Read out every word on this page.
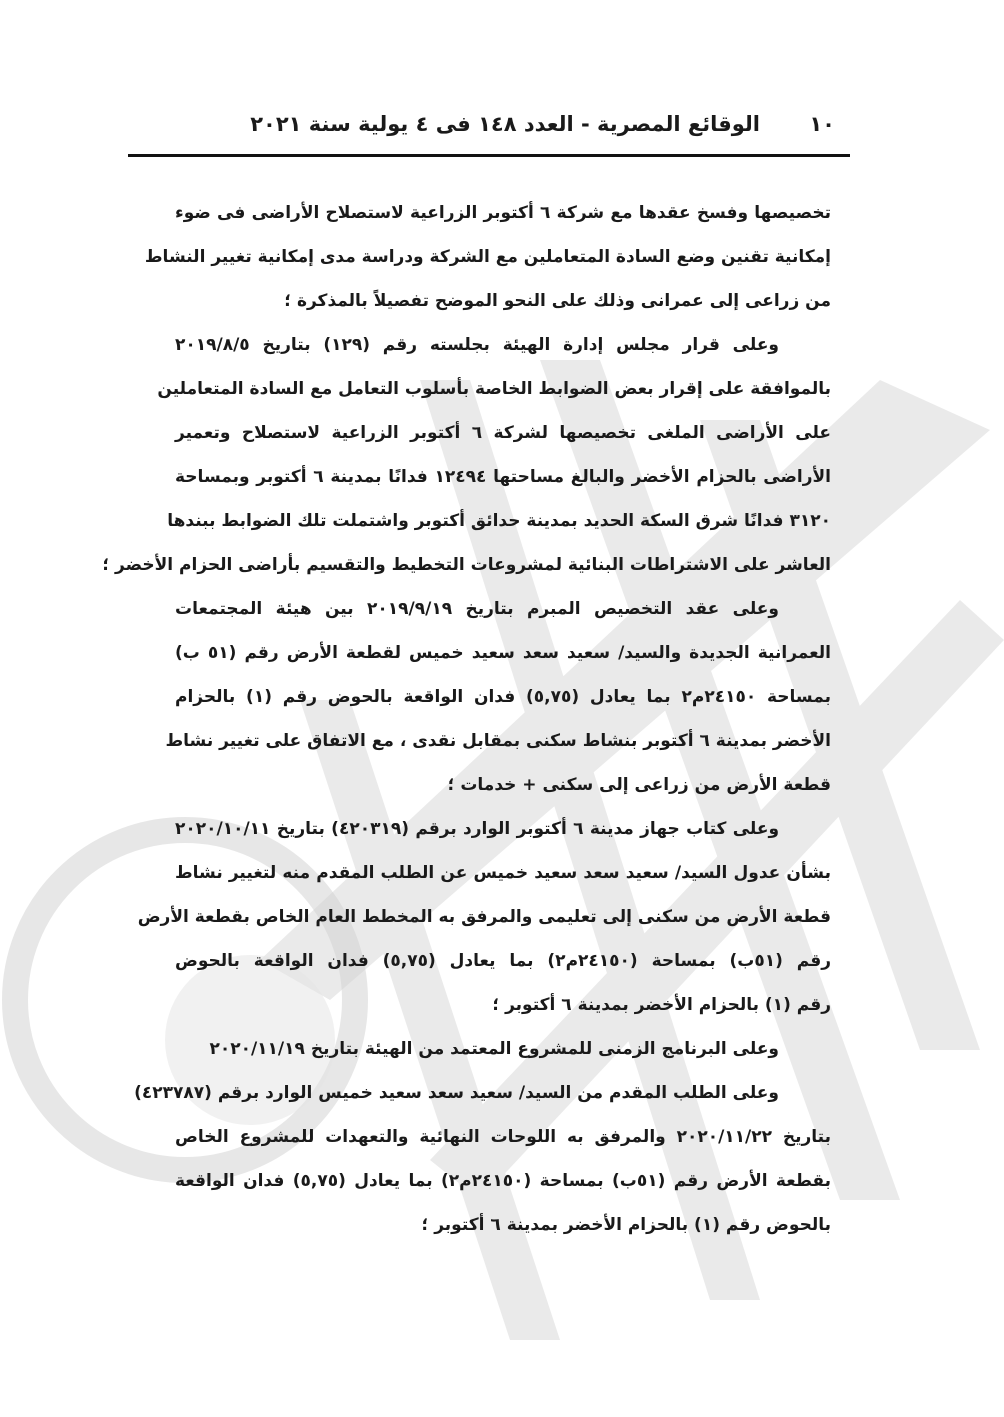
١٠
الوقائع المصرية - العدد ١٤٨ فى ٤ يولية سنة ٢٠٢١
تخصيصها وفسخ عقدها مع شركة ٦ أكتوبر الزراعية لاستصلاح الأراضى فى ضوء
إمكانية تقنين وضع السادة المتعاملين مع الشركة ودراسة مدى إمكانية تغيير النشاط
من زراعى إلى عمرانى وذلك على النحو الموضح تفصيلاً بالمذكرة ؛
وعلى قرار مجلس إدارة الهيئة بجلسته رقم (١٢٩) بتاريخ ٢٠١٩/٨/٥
بالموافقة على إقرار بعض الضوابط الخاصة بأسلوب التعامل مع السادة المتعاملين
على الأراضى الملغى تخصيصها لشركة ٦ أكتوبر الزراعية لاستصلاح وتعمير
الأراضى بالحزام الأخضر والبالغ مساحتها ١٢٤٩٤ فدانًا بمدينة ٦ أكتوبر وبمساحة
٣١٢٠ فدانًا شرق السكة الحديد بمدينة حدائق أكتوبر واشتملت تلك الضوابط ببندها
العاشر على الاشتراطات البنائية لمشروعات التخطيط والتقسيم بأراضى الحزام الأخضر ؛
وعلى عقد التخصيص المبرم بتاريخ ٢٠١٩/٩/١٩ بين هيئة المجتمعات
العمرانية الجديدة والسيد/ سعيد سعد سعيد خميس لقطعة الأرض رقم (٥١ ب)
بمساحة ٢٤١٥٠م٢ بما يعادل (٥,٧٥) فدان الواقعة بالحوض رقم (١) بالحزام
الأخضر بمدينة ٦ أكتوبر بنشاط سكنى بمقابل نقدى ، مع الاتفاق على تغيير نشاط
قطعة الأرض من زراعى إلى سكنى + خدمات ؛
وعلى كتاب جهاز مدينة ٦ أكتوبر الوارد برقم (٤٢٠٣١٩) بتاريخ ٢٠٢٠/١٠/١١
بشأن عدول السيد/ سعيد سعد سعيد خميس عن الطلب المقدم منه لتغيير نشاط
قطعة الأرض من سكنى إلى تعليمى والمرفق به المخطط العام الخاص بقطعة الأرض
رقم (٥١ب) بمساحة (٢٤١٥٠م٢) بما يعادل (٥,٧٥) فدان الواقعة بالحوض
رقم (١) بالحزام الأخضر بمدينة ٦ أكتوبر ؛
وعلى البرنامج الزمنى للمشروع المعتمد من الهيئة بتاريخ ٢٠٢٠/١١/١٩
وعلى الطلب المقدم من السيد/ سعيد سعد سعيد خميس الوارد برقم (٤٢٣٧٨٧)
بتاريخ ٢٠٢٠/١١/٢٢ والمرفق به اللوحات النهائية والتعهدات للمشروع الخاص
بقطعة الأرض رقم (٥١ب) بمساحة (٢٤١٥٠م٢) بما يعادل (٥,٧٥) فدان الواقعة
بالحوض رقم (١) بالحزام الأخضر بمدينة ٦ أكتوبر ؛
